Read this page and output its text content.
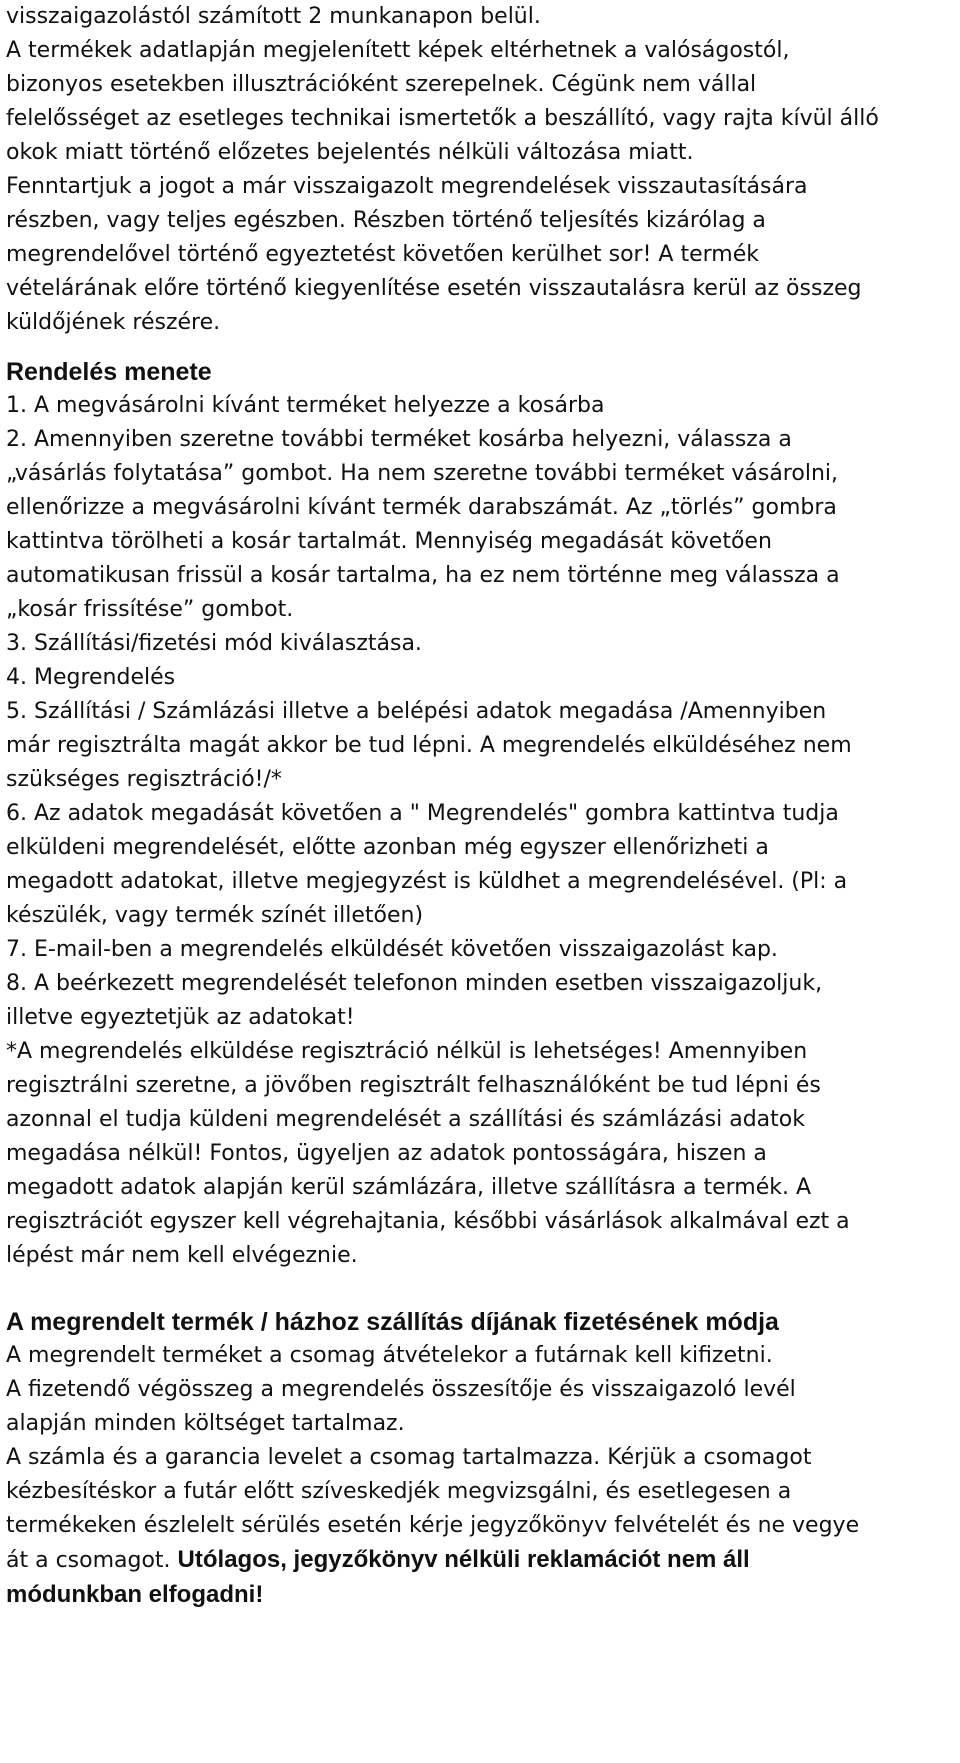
visszaigazolástól számított 2 munkanapon belül.
A termékek adatlapján megjelenített képek eltérhetnek a valóságostól,
bizonyos esetekben illusztrációként szerepelnek. Cégünk nem vállal
felelősséget az esetleges technikai ismertetők a beszállító, vagy rajta kívül álló
okok miatt történő előzetes bejelentés nélküli változása miatt.
Fenntartjuk a jogot a már visszaigazolt megrendelések visszautasítására
részben, vagy teljes egészben. Részben történő teljesítés kizárólag a
megrendelővel történő egyeztetést követően kerülhet sor! A termék
vételárának előre történő kiegyenlítése esetén visszautalásra kerül az összeg
küldőjének részére.
Rendelés menete
1. A megvásárolni kívánt terméket helyezze a kosárba
2. Amennyiben szeretne további terméket kosárba helyezni, válassza a
„vásárlás folytatása” gombot. Ha nem szeretne további terméket vásárolni,
ellenőrizze a megvásárolni kívánt termék darabszámát. Az „törlés” gombra
kattintva törölheti a kosár tartalmát. Mennyiség megadását követően
automatikusan frissül a kosár tartalma, ha ez nem történne meg válassza a
„kosár frissítése” gombot.
3. Szállítási/fizetési mód kiválasztása.
4. Megrendelés
5. Szállítási / Számlázási illetve a belépési adatok megadása /Amennyiben
már regisztrálta magát akkor be tud lépni. A megrendelés elküldéséhez nem
szükséges regisztráció!/*
6. Az adatok megadását követően a " Megrendelés" gombra kattintva tudja
elküldeni megrendelését, előtte azonban még egyszer ellenőrizheti a
megadott adatokat, illetve megjegyzést is küldhet a megrendelésével. (Pl: a
készülék, vagy termék színét illetően)
7. E-mail-ben a megrendelés elküldését követően visszaigazolást kap.
8. A beérkezett megrendelését telefonon minden esetben visszaigazoljuk,
illetve egyeztetjük az adatokat!
*A megrendelés elküldése regisztráció nélkül is lehetséges! Amennyiben
regisztrálni szeretne, a jövőben regisztrált felhasználóként be tud lépni és
azonnal el tudja küldeni megrendelését a szállítási és számlázási adatok
megadása nélkül! Fontos, ügyeljen az adatok pontosságára, hiszen a
megadott adatok alapján kerül számlázára, illetve szállításra a termék. A
regisztrációt egyszer kell végrehajtania, későbbi vásárlások alkalmával ezt a
lépést már nem kell elvégeznie.
A megrendelt termék / házhoz szállítás díjának fizetésének módja
A megrendelt terméket a csomag átvételekor a futárnak kell kifizetni.
A fizetendő végösszeg a megrendelés összesítője és visszaigazoló levél
alapján minden költséget tartalmaz.
A számla és a garancia levelet a csomag tartalmazza. Kérjük a csomagot
kézbesítéskor a futár előtt szíveskedjék megvizsgálni, és esetlegesen a
termékeken észlelelt sérülés esetén kérje jegyzőkönyv felvételét és ne vegye
át a csomagot. Utólagos, jegyzőkönyv nélküli reklamációt nem áll
módunkban elfogadni!
